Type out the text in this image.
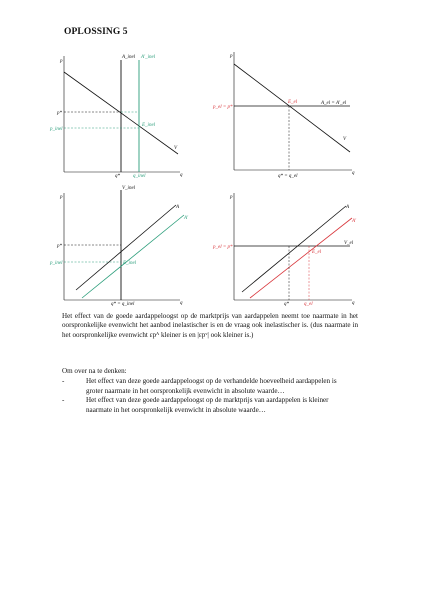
OPLOSSING 5
p
q
V
A_inel A'_inel
p*
p_inel
E_inel
q*	q_inel
p
q
V
A_el = A'_el
p_el = p*
E_el
q* = q_el
p
q
V_inel
A
A'
p*
p_inel	E_inel
q* = q_inel
p
q
V_el
A
A'
p_el = p*
E_el
q*	q_el
Het effect van de goede aardappeloogst op de marktprijs van aardappelen neemt toe naarmate in het oorspronkelijke evenwicht het aanbod inelastischer is en de vraag ook inelastischer is. (dus naarmate in het oorspronkelijke evenwicht εpᴬ kleiner is en |εpᵛ| ook kleiner is.)
Om over na te denken:
-	Het effect van deze goede aardappeloogst op de verhandelde hoeveelheid aardappelen is groter naarmate in het oorspronkelijk evenwicht in absolute waarde…
-	Het effect van deze goede aardappeloogst op de marktprijs van aardappelen is kleiner naarmate in het oorspronkelijk evenwicht in absolute waarde…
